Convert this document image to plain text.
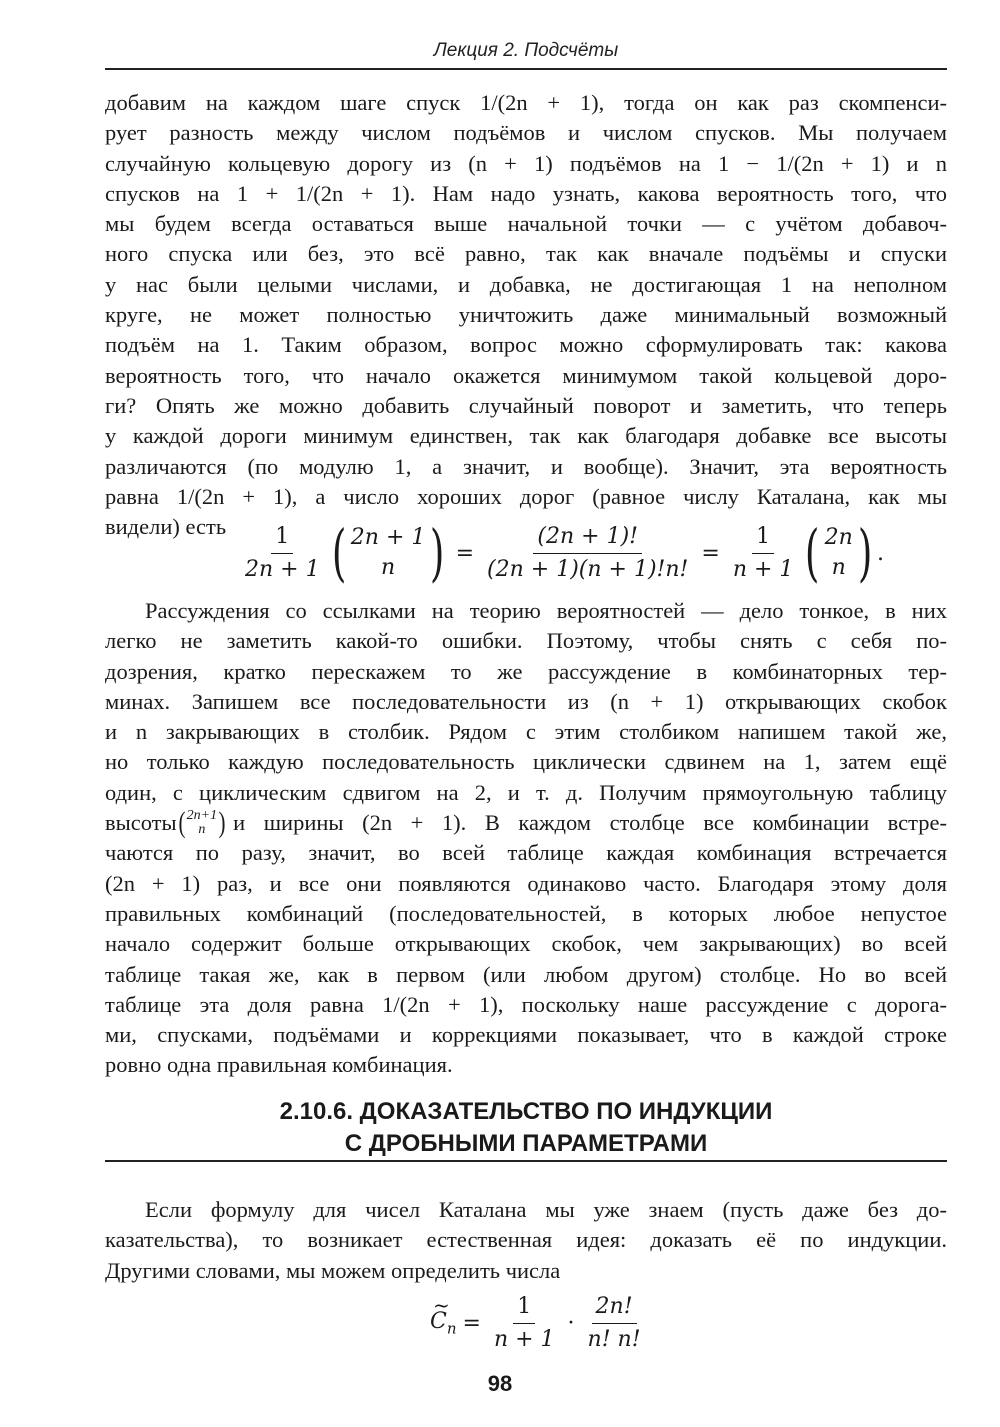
Лекция 2. Подсчёты
добавим на каждом шаге спуск 1/(2n + 1), тогда он как раз скомпенси-
рует разность между числом подъёмов и числом спусков. Мы получаем
случайную кольцевую дорогу из (n + 1) подъёмов на 1 − 1/(2n + 1) и n
спусков на 1 + 1/(2n + 1). Нам надо узнать, какова вероятность того, что
мы будем всегда оставаться выше начальной точки — с учётом добавоч-
ного спуска или без, это всё равно, так как вначале подъёмы и спуски
у нас были целыми числами, и добавка, не достигающая 1 на неполном
круге, не может полностью уничтожить даже минимальный возможный
подъём на 1. Таким образом, вопрос можно сформулировать так: какова
вероятность того, что начало окажется минимумом такой кольцевой доро-
ги? Опять же можно добавить случайный поворот и заметить, что теперь
у каждой дороги минимум единствен, так как благодаря добавке все высоты
различаются (по модулю 1, а значит, и вообще). Значит, эта вероятность
равна 1/(2n + 1), а число хороших дорог (равное числу Каталана, как мы
видели) есть $\frac{1}{2n + 1}$ ( 2n + 1
n ) = $\frac{(2n + 1)!}{(2n + 1)(n + 1)!n!} = \frac{1}{n + 1}$ ( 2n
n ) .
Рассуждения со ссылками на теорию вероятностей — дело тонкое, в них
легко не заметить какой-то ошибки. Поэтому, чтобы снять с себя по-
дозрения, кратко перескажем то же рассуждение в комбинаторных тер-
минах. Запишем все последовательности из (n + 1) открывающих скобок
и n закрывающих в столбик. Рядом с этим столбиком напишем такой же,
но только каждую последовательность циклически сдвинем на 1, затем ещё
один, с циклическим сдвигом на 2, и т. д. Получим прямоугольную таблицу
высоты ( 2n+1
n ) и ширины (2n + 1). В каждом столбце все комбинации встре-
чаются по разу, значит, во всей таблице каждая комбинация встречается
(2n + 1) раз, и все они появляются одинаково часто. Благодаря этому доля
правильных комбинаций (последовательностей, в которых любое непустое
начало содержит больше открывающих скобок, чем закрывающих) во всей
таблице такая же, как в первом (или любом другом) столбце. Но во всей
таблице эта доля равна 1/(2n + 1), поскольку наше рассуждение с дорога-
ми, спусками, подъёмами и коррекциями показывает, что в каждой строке
ровно одна правильная комбинация.
2.10.6. ДОКАЗАТЕЛЬСТВО ПО ИНДУКЦИИ
С ДРОБНЫМИ ПАРАМЕТРАМИ
Если формулу для чисел Каталана мы уже знаем (пусть даже без до-
казательства), то возникает естественная идея: доказать её по индукции.
Другими словами, мы можем определить числа
~ $C_n = \frac{1}{n + 1} \cdot \frac{2n!}{n! n!}$
98
